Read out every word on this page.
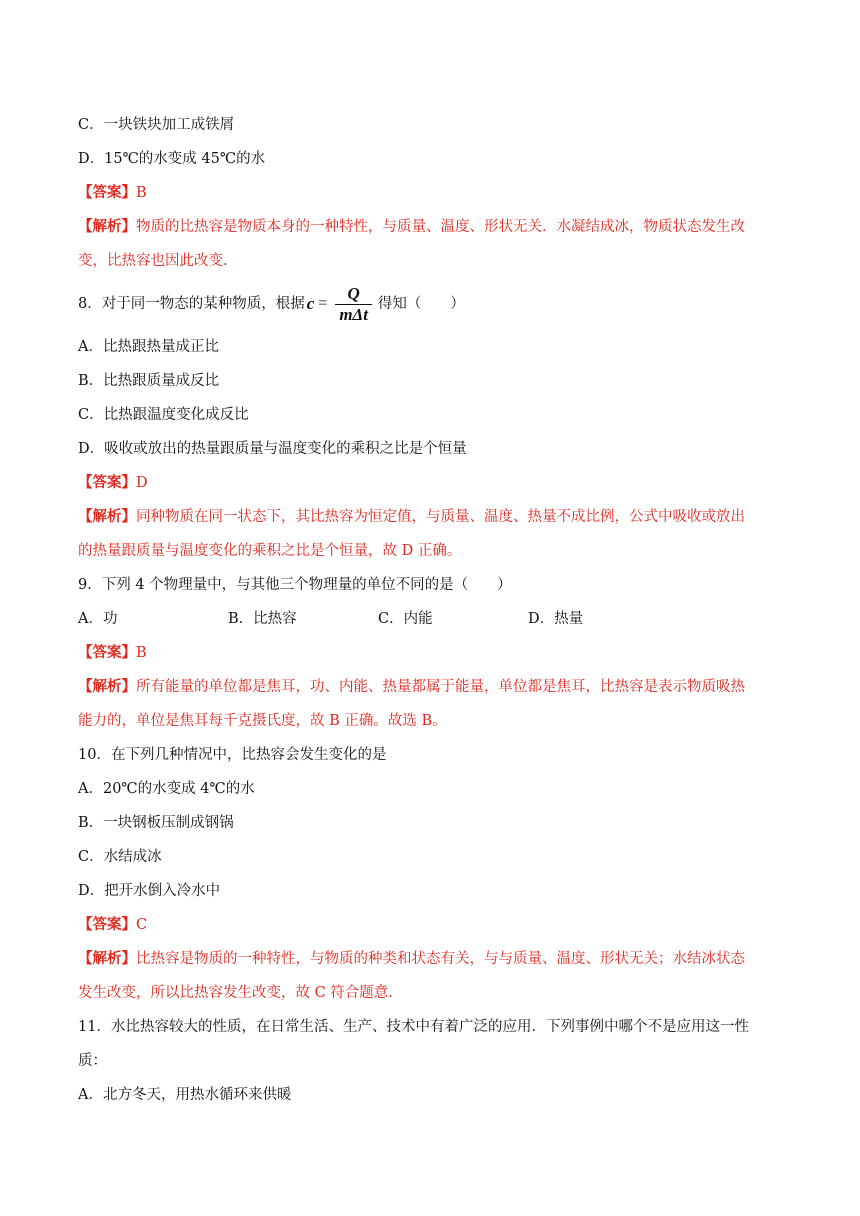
C．一块铁块加工成铁屑
D．15℃的水变成 45℃的水
【答案】B
【解析】物质的比热容是物质本身的一种特性，与质量、温度、形状无关．水凝结成冰，物质状态发生改
变，比热容也因此改变.
8．对于同一物态的某种物质，根据 $c = \frac{Q}{\text{mΔt}}$ 得知（　　）
A．比热跟热量成正比
B．比热跟质量成反比
C．比热跟温度变化成反比
D．吸收或放出的热量跟质量与温度变化的乘积之比是个恒量
【答案】D
【解析】同种物质在同一状态下，其比热容为恒定值，与质量、温度、热量不成比例，公式中吸收或放出
的热量跟质量与温度变化的乘积之比是个恒量，故 D 正确。
9．下列 4 个物理量中，与其他三个物理量的单位不同的是（　　）
A．功	B．比热容	C．内能	D．热量
【答案】B
【解析】所有能量的单位都是焦耳，功、内能、热量都属于能量，单位都是焦耳，比热容是表示物质吸热
能力的，单位是焦耳每千克摄氏度，故 B 正确。故选 B。
10．在下列几种情况中，比热容会发生变化的是
A．20℃的水变成 4℃的水
B．一块钢板压制成钢锅
C．水结成冰
D．把开水倒入冷水中
【答案】C
【解析】比热容是物质的一种特性，与物质的种类和状态有关，与与质量、温度、形状无关；水结冰状态
发生改变，所以比热容发生改变，故 C 符合题意.
11．水比热容较大的性质，在日常生活、生产、技术中有着广泛的应用．下列事例中哪个不是应用这一性
质：
A．北方冬天，用热水循环来供暖
